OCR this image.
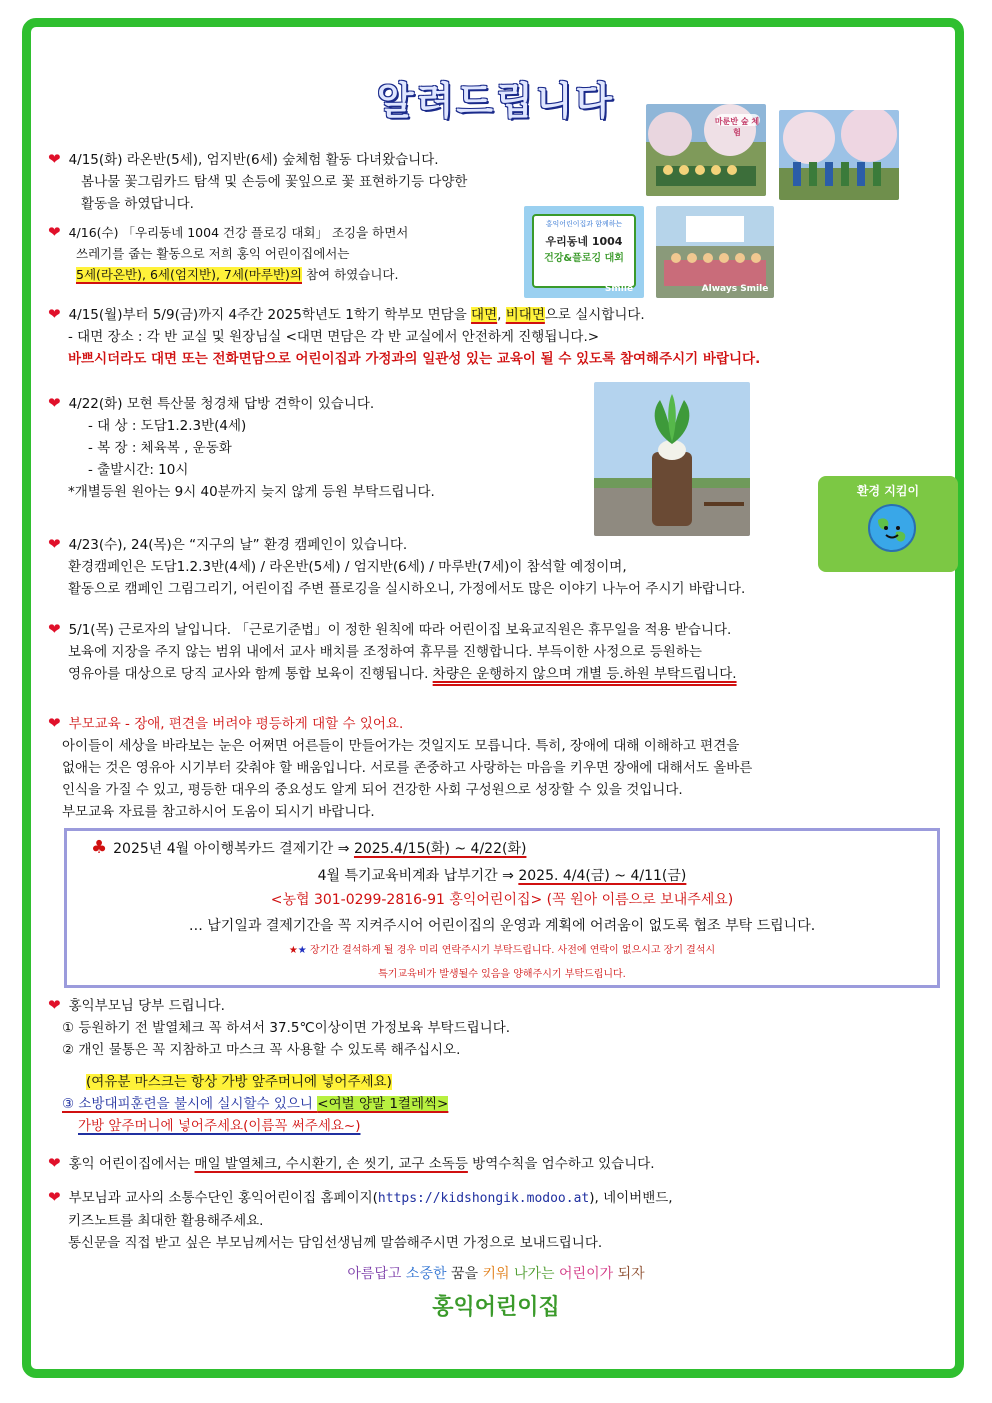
알려드립니다
❤ 4/15(화) 라온반(5세), 엄지반(6세) 숲체험 활동 다녀왔습니다.
봄나물 꽃그림카드 탐색 및 손등에 꽃잎으로 꽃 표현하기등 다양한
활동을 하였답니다.
마룬반 숲 체험
❤ 4/16(수) 「우리동네 1004 건강 플로깅 대회」 조깅을 하면서
쓰레기를 줍는 활동으로 저희 홍익 어린이집에서는
5세(라온반), 6세(엄지반), 7세(마루반)의 참여 하였습니다.
홍익어린이집과 함께하는
우리동네 1004
건강&플로깅 대회
Smile	Always Smile
❤ 4/15(월)부터 5/9(금)까지 4주간 2025학년도 1학기 학부모 면담을 대면, 비대면으로 실시합니다.
- 대면 장소 : 각 반 교실 및 원장님실 <대면 면담은 각 반 교실에서 안전하게 진행됩니다.>
바쁘시더라도 대면 또는 전화면담으로 어린이집과 가정과의 일관성 있는 교육이 될 수 있도록 참여해주시기 바랍니다.
❤ 4/22(화) 모현 특산물 청경채 답방 견학이 있습니다.
- 대 상 : 도담1.2.3반(4세)
- 복 장 : 체육복 , 운동화
- 출발시간: 10시
*개별등원 원아는 9시 40분까지 늦지 않게 등원 부탁드립니다.	환경 지킴이
❤ 4/23(수), 24(목)은 “지구의 날” 환경 캠페인이 있습니다.
환경캠페인은 도담1.2.3반(4세) / 라온반(5세) / 엄지반(6세) / 마루반(7세)이 참석할 예정이며,
활동으로 캠페인 그림그리기, 어린이집 주변 플로깅을 실시하오니, 가정에서도 많은 이야기 나누어 주시기 바랍니다.
❤ 5/1(목) 근로자의 날입니다. 「근로기준법」이 정한 원칙에 따라 어린이집 보육교직원은 휴무일을 적용 받습니다.
보육에 지장을 주지 않는 범위 내에서 교사 배치를 조정하여 휴무를 진행합니다. 부득이한 사정으로 등원하는
영유아를 대상으로 당직 교사와 함께 통합 보육이 진행됩니다. 차량은 운행하지 않으며 개별 등.하원 부탁드립니다.
❤ 부모교육 - 장애, 편견을 버려야 평등하게 대할 수 있어요.
아이들이 세상을 바라보는 눈은 어쩌면 어른들이 만들어가는 것일지도 모릅니다. 특히, 장애에 대해 이해하고 편견을
없애는 것은 영유아 시기부터 갖춰야 할 배움입니다. 서로를 존중하고 사랑하는 마음을 키우면 장애에 대해서도 올바른
인식을 가질 수 있고, 평등한 대우의 중요성도 알게 되어 건강한 사회 구성원으로 성장할 수 있을 것입니다.
부모교육 자료를 참고하시어 도움이 되시기 바랍니다.
♣ 2025년 4월 아이행복카드 결제기간 ⇒ 2025.4/15(화) ~ 4/22(화)
4월 특기교육비계좌 납부기간 ⇒ 2025. 4/4(금) ~ 4/11(금)
<농협 301-0299-2816-91 홍익어린이집> (꼭 원아 이름으로 보내주세요)
… 납기일과 결제기간을 꼭 지켜주시어 어린이집의 운영과 계획에 어려움이 없도록 협조 부탁 드립니다.
★★ 장기간 결석하게 될 경우 미리 연락주시기 부탁드립니다. 사전에 연락이 없으시고 장기 결석시
특기교육비가 발생될수 있음을 양해주시기 부탁드립니다.
❤ 홍익부모님 당부 드립니다.
① 등원하기 전 발열체크 꼭 하셔서 37.5℃이상이면 가정보육 부탁드립니다.
② 개인 물통은 꼭 지참하고 마스크 꼭 사용할 수 있도록 해주십시오.
(여유분 마스크는 항상 가방 앞주머니에 넣어주세요)
③ 소방대피훈련을 불시에 실시할수 있으니 <여벌 양말 1켤레씩>
가방 앞주머니에 넣어주세요(이름꼭 써주세요~)
❤ 홍익 어린이집에서는 매일 발열체크, 수시환기, 손 씻기, 교구 소독등 방역수칙을 엄수하고 있습니다.
❤ 부모님과 교사의 소통수단인 홍익어린이집 홈페이지(https://kidshongik.modoo.at), 네이버밴드,
키즈노트를 최대한 활용해주세요.
통신문을 직접 받고 싶은 부모님께서는 담임선생님께 말씀해주시면 가정으로 보내드립니다.
아름답고 소중한 꿈을 키워 나가는 어린이가 되자
홍익어린이집
